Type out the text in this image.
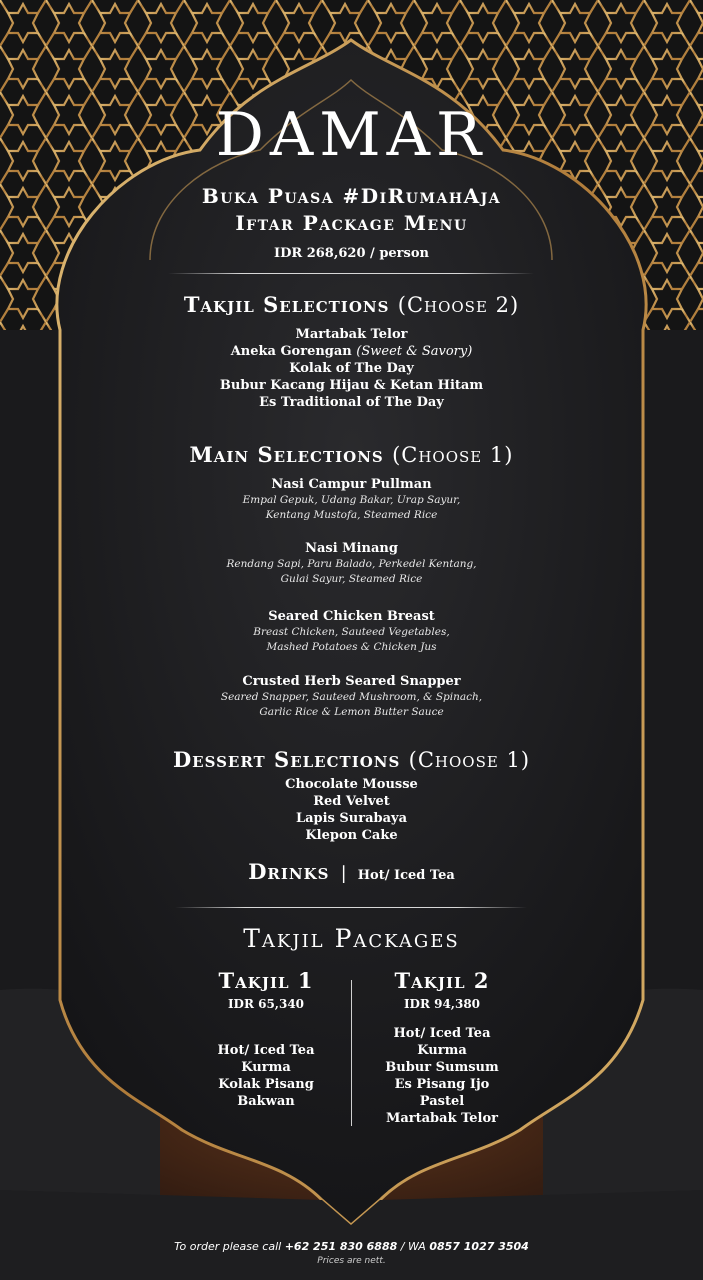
DAMAR
Buka Puasa #DiRumahAja
Iftar Package Menu
IDR 268,620 / person
Takjil Selections (Choose 2)
Martabak Telor
Aneka Gorengan (Sweet & Savory)
Kolak of The Day
Bubur Kacang Hijau & Ketan Hitam
Es Traditional of The Day
Main Selections (Choose 1)
Nasi Campur Pullman
Empal Gepuk, Udang Bakar, Urap Sayur,
Kentang Mustofa, Steamed Rice
Nasi Minang
Rendang Sapi, Paru Balado, Perkedel Kentang,
Gulai Sayur, Steamed Rice
Seared Chicken Breast
Breast Chicken, Sauteed Vegetables,
Mashed Potatoes & Chicken Jus
Crusted Herb Seared Snapper
Seared Snapper, Sauteed Mushroom, & Spinach,
Garlic Rice & Lemon Butter Sauce
Dessert Selections (Choose 1)
Chocolate Mousse
Red Velvet
Lapis Surabaya
Klepon Cake
Drinks | Hot/ Iced Tea
Takjil Packages
Takjil 1
IDR 65,340
Hot/ Iced Tea
Kurma
Kolak Pisang
Bakwan
Takjil 2
IDR 94,380
Hot/ Iced Tea
Kurma
Bubur Sumsum
Es Pisang Ijo
Pastel
Martabak Telor
To order please call +62 251 830 6888 / WA 0857 1027 3504
Prices are nett.
